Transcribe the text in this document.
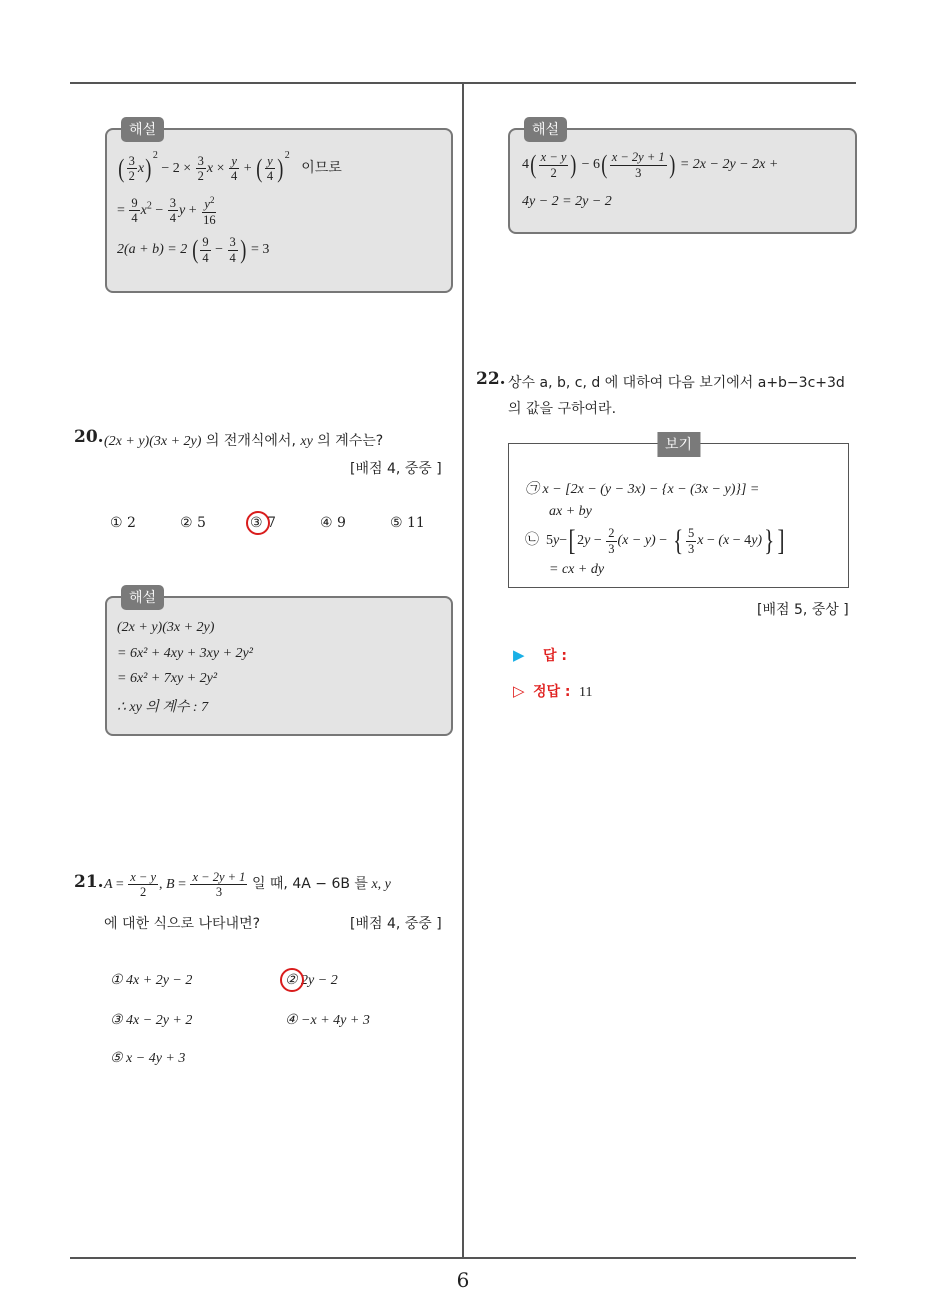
해설
( $\frac{3}{2} x)^2 - 2 \times \frac{3}{2}$ $x \times \frac{y}{4}$ + ( $\frac{y}{4} )^2$ 이므로
= $\frac{9}{4} x^2 - \frac{3}{4}$ $y + \frac{y^2}{16}$
2(a + b) = 2 ( $\frac{9}{4} - \frac{3}{4}$ ) = 3
20. (2x + y)(3x + 2y) 의 전개식에서, xy 의 계수는?
[배점 4, 중중 ]
① 2	② 5	③ 7	④ 9	⑤ 11
해설
(2x + y)(3x + 2y)
= 6x² + 4xy + 3xy + 2y²
= 6x² + 7xy + 2y²
∴ xy 의 계수 : 7
21. $A = \frac{x - y}{2}$ , $B = \frac{x - 2y + 1}{3}$ 일 때, 4A − 6B 를 x, y
에 대한 식으로 나타내면?	[배점 4, 중중 ]
① 4x + 2y − 2	② 2y − 2
③ 4x − 2y + 2	④ −x + 4y + 3
⑤ x − 4y + 3
해설
$4( \frac{x - y}{2}$ ) − $6( \frac{x - 2y + 1}{3}$ ) = 2x − 2y − 2x +
4y − 2 = 2y − 2
22. 상수 a, b, c, d 에 대하여 다음 보기에서 a+b−3c+3d
의 값을 구하여라.
보기
㉠ x − [2x − (y − 3x) − {x − (3x − y)}] =
ax + by
㉡ 5y−[ $2y - \frac{2}{3} (x - y)$ − { $\frac{5}{3}$ x − (x − 4y)} ]
= cx + dy
[배점 5, 중상 ]
▶ 답 :
▷ 정답 : 11
6
